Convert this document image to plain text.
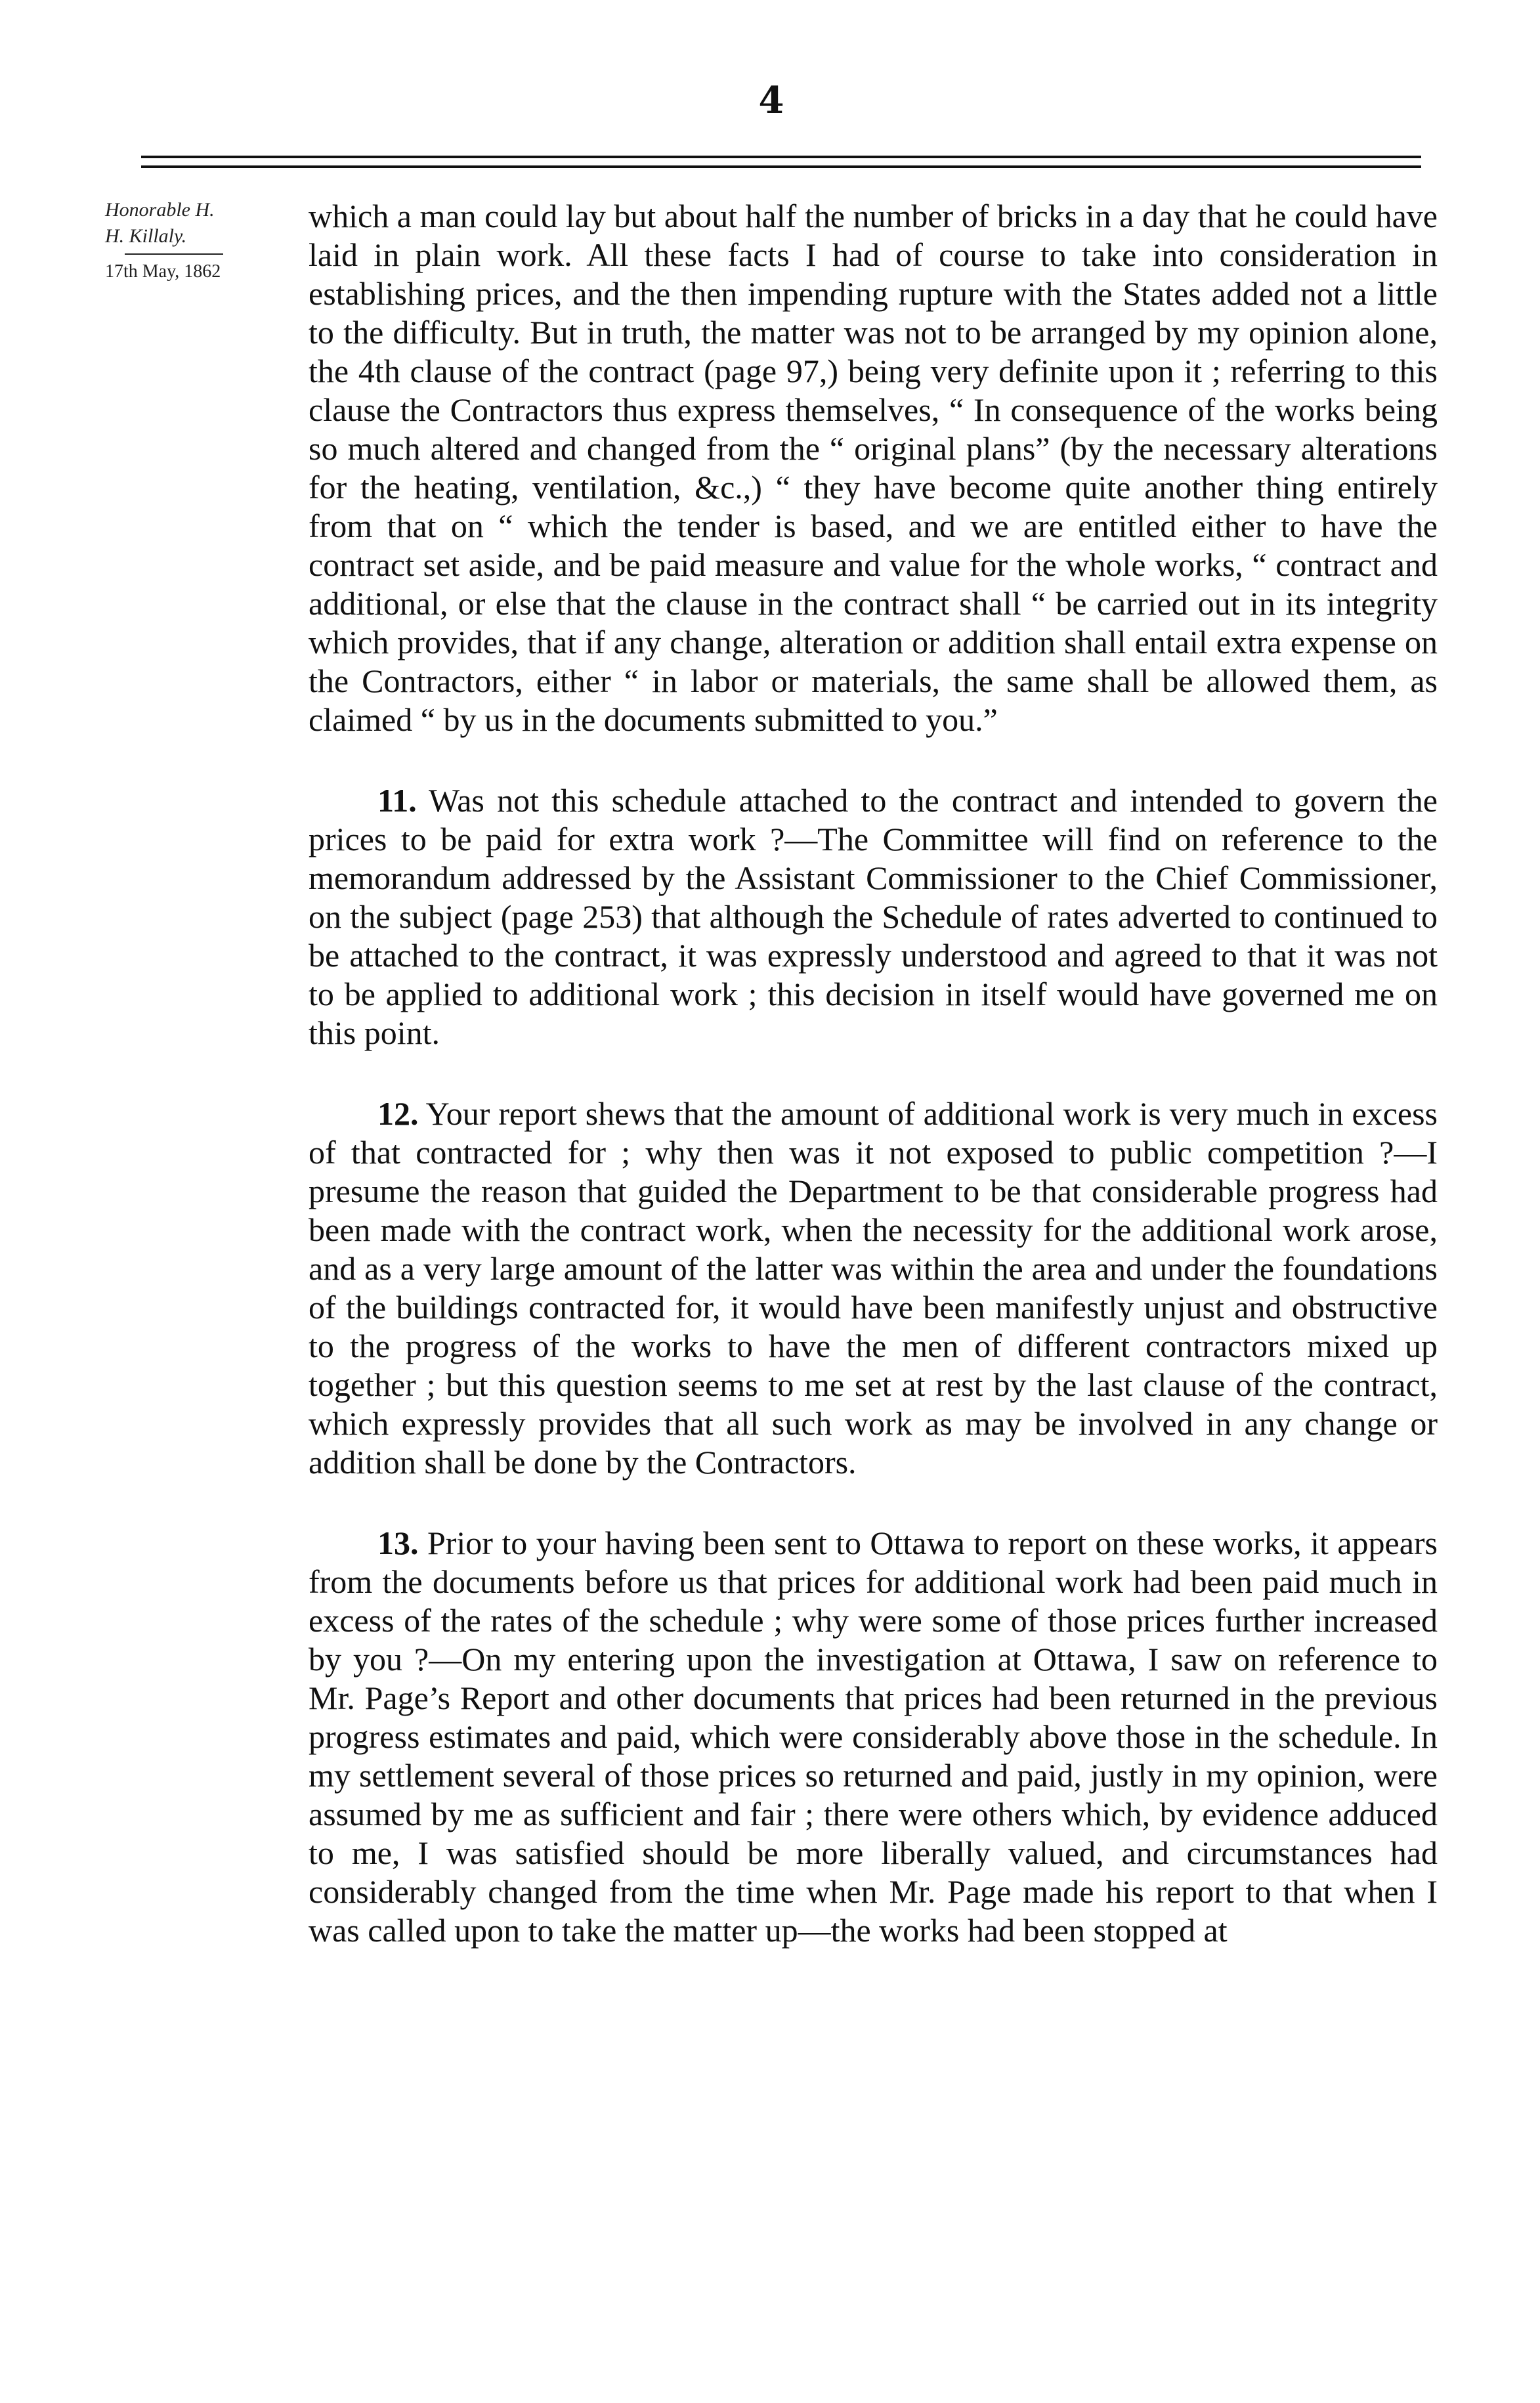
4
Honorable H.
H. Killaly.
17th May, 1862

which a man could lay but about half the number of bricks in a day that he could have laid in plain work. All these facts I had of course to take into consideration in establishing prices, and the then impending rupture with the States added not a little to the difficulty. But in truth, the matter was not to be arranged by my opinion alone, the 4th clause of the contract (page 97,) being very definite upon it ; referring to this clause the Contractors thus express themselves, “ In consequence of the works being so much altered and changed from the “ original plans” (by the necessary alterations for the heating, ventilation, &c.,) “ they have become quite another thing entirely from that on “ which the tender is based, and we are entitled either to have the contract set aside, and be paid measure and value for the whole works, “ contract and additional, or else that the clause in the contract shall “ be carried out in its integrity which provides, that if any change, alteration or addition shall entail extra expense on the Contractors, either “ in labor or materials, the same shall be allowed them, as claimed “ by us in the documents submitted to you.”

11. Was not this schedule attached to the contract and intended to govern the prices to be paid for extra work ?—The Committee will find on reference to the memorandum addressed by the Assistant Commissioner to the Chief Commissioner, on the subject (page 253) that although the Schedule of rates adverted to continued to be attached to the contract, it was expressly understood and agreed to that it was not to be applied to additional work ; this decision in itself would have governed me on this point.

12. Your report shews that the amount of additional work is very much in excess of that contracted for ; why then was it not exposed to public competition ?—I presume the reason that guided the Department to be that considerable progress had been made with the contract work, when the necessity for the additional work arose, and as a very large amount of the latter was within the area and under the foundations of the buildings contracted for, it would have been manifestly unjust and obstructive to the progress of the works to have the men of different contractors mixed up together ; but this question seems to me set at rest by the last clause of the contract, which expressly provides that all such work as may be involved in any change or addition shall be done by the Contractors.

13. Prior to your having been sent to Ottawa to report on these works, it appears from the documents before us that prices for additional work had been paid much in excess of the rates of the schedule ; why were some of those prices further increased by you ?—On my entering upon the investigation at Ottawa, I saw on reference to Mr. Page’s Report and other documents that prices had been returned in the previous progress estimates and paid, which were considerably above those in the schedule. In my settlement several of those prices so returned and paid, justly in my opinion, were assumed by me as sufficient and fair ; there were others which, by evidence adduced to me, I was satisfied should be more liberally valued, and circumstances had considerably changed from the time when Mr. Page made his report to that when I was called upon to take the matter up—the works had been stopped at
